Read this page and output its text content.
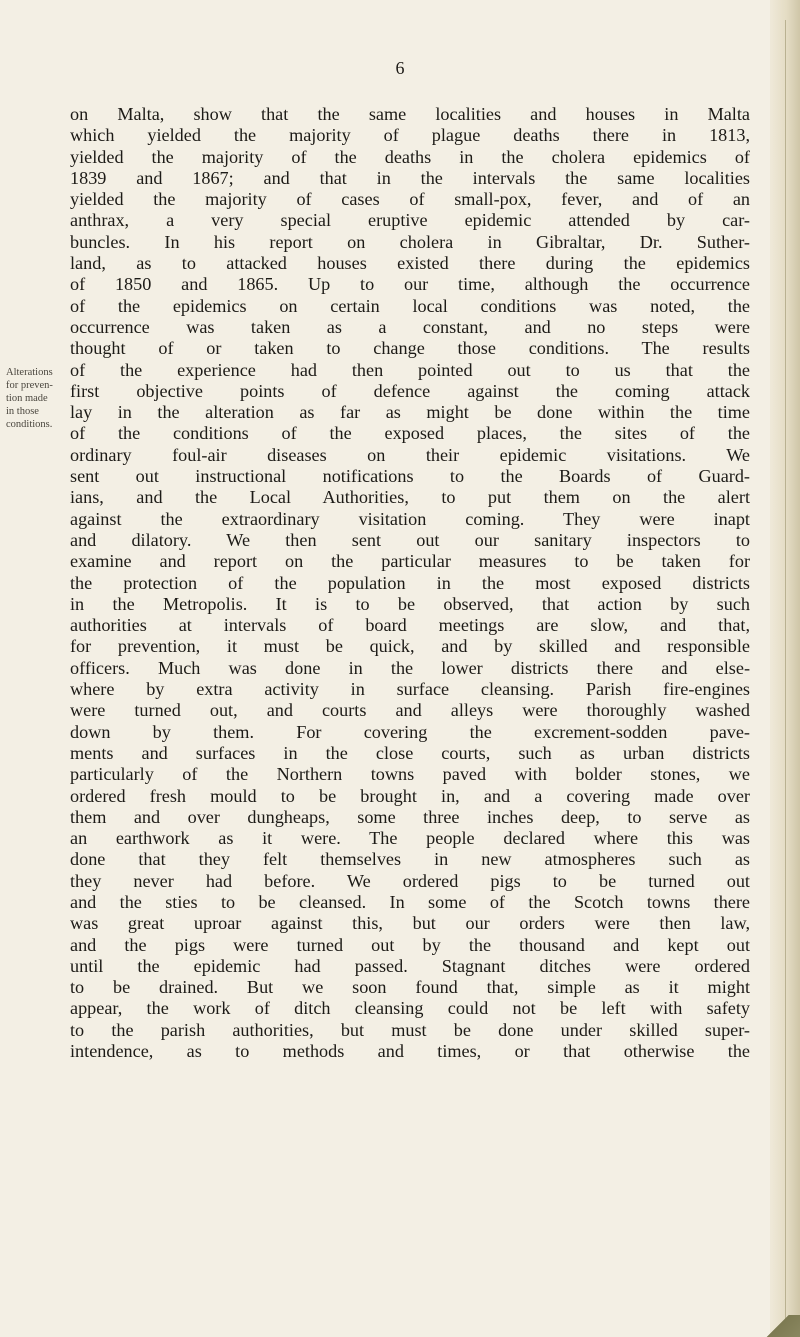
6
Alterations
for preven-
tion made
in those
conditions.
on Malta, show that the same localities and houses in Malta
which yielded the majority of plague deaths there in 1813,
yielded the majority of the deaths in the cholera epidemics of
1839 and 1867; and that in the intervals the same localities
yielded the majority of cases of small-pox, fever, and of an
anthrax, a very special eruptive epidemic attended by car-
buncles. In his report on cholera in Gibraltar, Dr. Suther-
land, as to attacked houses existed there during the epidemics
of 1850 and 1865. Up to our time, although the occurrence
of the epidemics on certain local conditions was noted, the
occurrence was taken as a constant, and no steps were
thought of or taken to change those conditions. The results
of the experience had then pointed out to us that the
first objective points of defence against the coming attack
lay in the alteration as far as might be done within the time
of the conditions of the exposed places, the sites of the
ordinary foul-air diseases on their epidemic visitations. We
sent out instructional notifications to the Boards of Guard-
ians, and the Local Authorities, to put them on the alert
against the extraordinary visitation coming. They were inapt
and dilatory. We then sent out our sanitary inspectors to
examine and report on the particular measures to be taken for
the protection of the population in the most exposed districts
in the Metropolis. It is to be observed, that action by such
authorities at intervals of board meetings are slow, and that,
for prevention, it must be quick, and by skilled and responsible
officers. Much was done in the lower districts there and else-
where by extra activity in surface cleansing. Parish fire-engines
were turned out, and courts and alleys were thoroughly washed
down by them. For covering the excrement-sodden pave-
ments and surfaces in the close courts, such as urban districts
particularly of the Northern towns paved with bolder stones, we
ordered fresh mould to be brought in, and a covering made over
them and over dungheaps, some three inches deep, to serve as
an earthwork as it were. The people declared where this was
done that they felt themselves in new atmospheres such as
they never had before. We ordered pigs to be turned out
and the sties to be cleansed. In some of the Scotch towns there
was great uproar against this, but our orders were then law,
and the pigs were turned out by the thousand and kept out
until the epidemic had passed. Stagnant ditches were ordered
to be drained. But we soon found that, simple as it might
appear, the work of ditch cleansing could not be left with safety
to the parish authorities, but must be done under skilled super-
intendence, as to methods and times, or that otherwise the
